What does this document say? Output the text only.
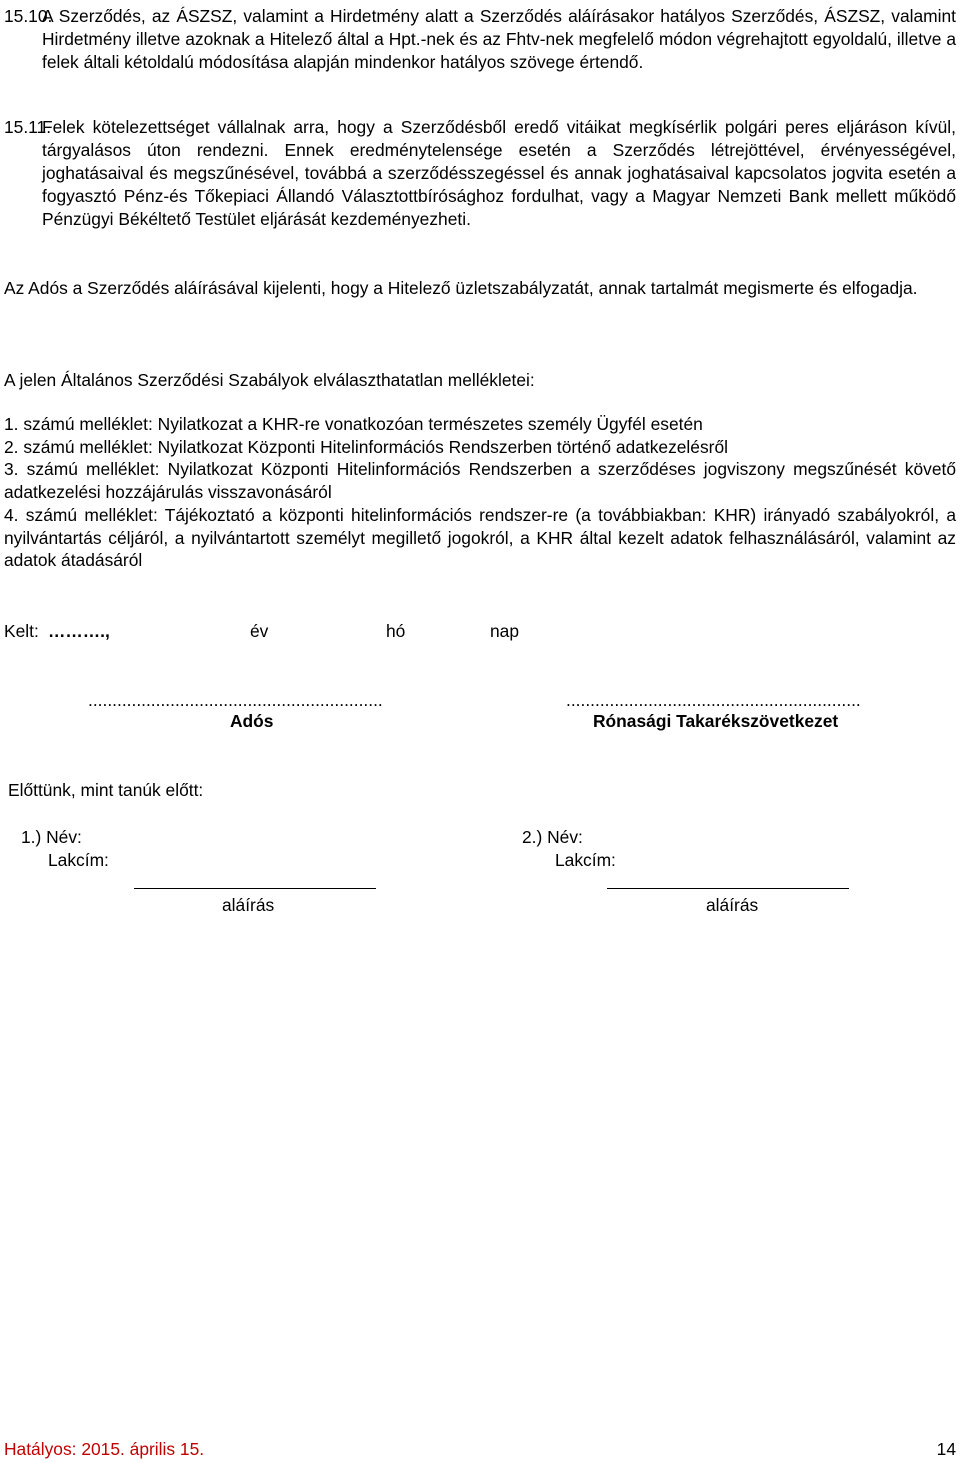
15.10.
A Szerződés, az ÁSZSZ, valamint a Hirdetmény alatt a Szerződés aláírásakor hatályos Szerződés, ÁSZSZ, valamint Hirdetmény illetve azoknak a Hitelező által a Hpt.-nek és az Fhtv-nek megfelelő módon végrehajtott egyoldalú, illetve a felek általi kétoldalú módosítása alapján mindenkor hatályos szövege értendő.
15.11.
Felek kötelezettséget vállalnak arra, hogy a Szerződésből eredő vitáikat megkísérlik polgári peres eljáráson kívül, tárgyalásos úton rendezni. Ennek eredménytelensége esetén a Szerződés létrejöttével, érvényességével, joghatásaival és megszűnésével, továbbá a szerződésszegéssel és annak joghatásaival kapcsolatos jogvita esetén a fogyasztó Pénz-és Tőkepiaci Állandó Választottbírósághoz fordulhat, vagy a Magyar Nemzeti Bank mellett működő Pénzügyi Békéltető Testület eljárását kezdeményezheti.
Az Adós a Szerződés aláírásával kijelenti, hogy a Hitelező üzletszabályzatát, annak tartalmát megismerte és elfogadja.
A jelen Általános Szerződési Szabályok elválaszthatatlan mellékletei:

1. számú melléklet: Nyilatkozat a KHR-re vonatkozóan természetes személy Ügyfél esetén

2. számú melléklet: Nyilatkozat Központi Hitelinformációs Rendszerben történő adatkezelésről

3. számú melléklet: Nyilatkozat Központi Hitelinformációs Rendszerben a szerződéses jogviszony megszűnését követő adatkezelési hozzájárulás visszavonásáról

4. számú melléklet: Tájékoztató a központi hitelinformációs rendszer-re (a továbbiakban: KHR) irányadó szabályokról, a nyilvántartás céljáról, a nyilvántartott személyt megillető jogokról, a KHR által kezelt adatok felhasználásáról, valamint az adatok átadásáról

Kelt: ……….,	év	hó	nap
.............................................................
Adós
.............................................................
Rónasági Takarékszövetkezet
Előttünk, mint tanúk előtt:
1.) Név:
Lakcím:
aláírás
2.) Név:
Lakcím:
aláírás
Hatályos: 2015. április 15.	14
